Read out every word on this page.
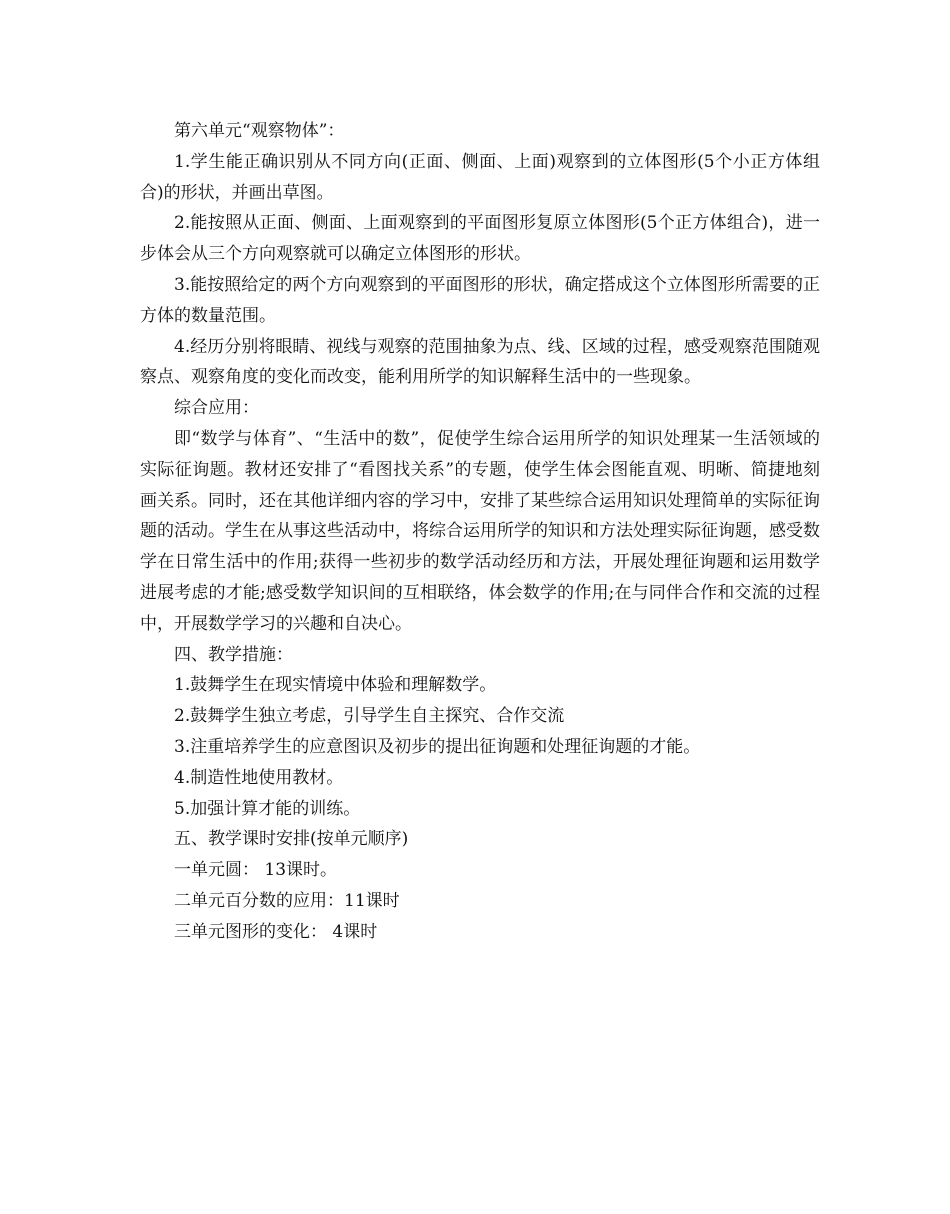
第六单元“观察物体”：

1.学生能正确识别从不同方向(正面、侧面、上面)观察到的立体图形(5个小正方体组合)的形状，并画出草图。

2.能按照从正面、侧面、上面观察到的平面图形复原立体图形(5个正方体组合)，进一步体会从三个方向观察就可以确定立体图形的形状。

3.能按照给定的两个方向观察到的平面图形的形状，确定搭成这个立体图形所需要的正方体的数量范围。

4.经历分别将眼睛、视线与观察的范围抽象为点、线、区域的过程，感受观察范围随观察点、观察角度的变化而改变，能利用所学的知识解释生活中的一些现象。

综合应用：

即“数学与体育”、“生活中的数”，促使学生综合运用所学的知识处理某一生活领域的实际征询题。教材还安排了“看图找关系”的专题，使学生体会图能直观、明晰、简捷地刻画关系。同时，还在其他详细内容的学习中，安排了某些综合运用知识处理简单的实际征询题的活动。学生在从事这些活动中，将综合运用所学的知识和方法处理实际征询题，感受数学在日常生活中的作用;获得一些初步的数学活动经历和方法，开展处理征询题和运用数学进展考虑的才能;感受数学知识间的互相联络，体会数学的作用;在与同伴合作和交流的过程中，开展数学学习的兴趣和自决心。

四、教学措施：

1.鼓舞学生在现实情境中体验和理解数学。

2.鼓舞学生独立考虑，引导学生自主探究、合作交流

3.注重培养学生的应意图识及初步的提出征询题和处理征询题的才能。

4.制造性地使用教材。

5.加强计算才能的训练。

五、教学课时安排(按单元顺序)

一单元圆： 13课时。

二单元百分数的应用：11课时

三单元图形的变化： 4课时
